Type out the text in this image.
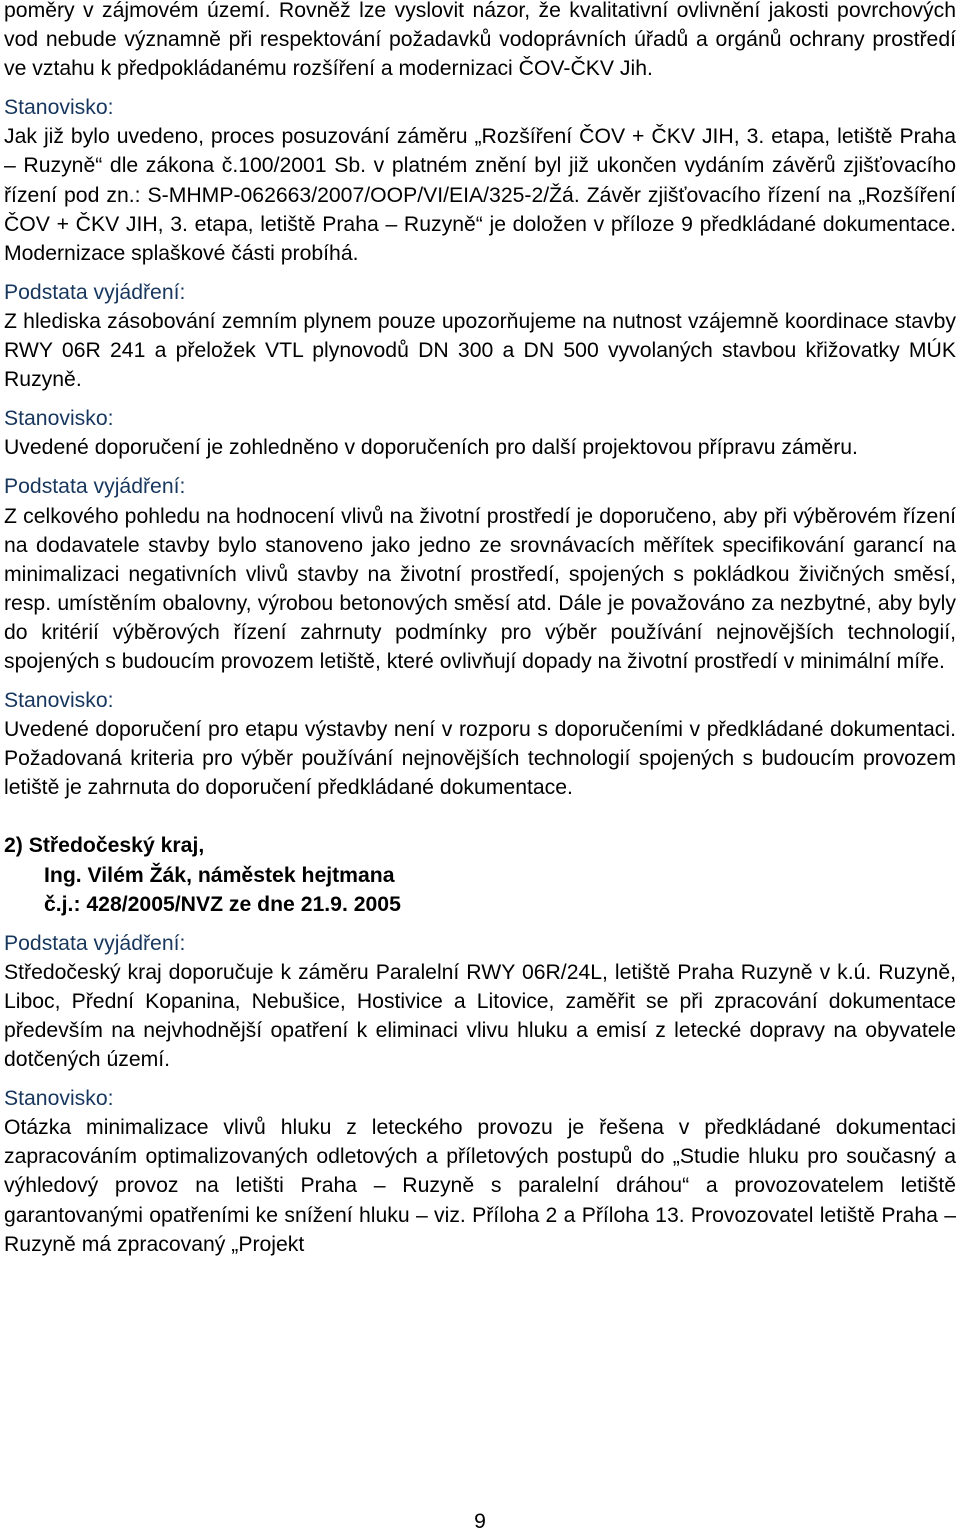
poměry v zájmovém území. Rovněž lze vyslovit názor, že kvalitativní ovlivnění jakosti povrchových vod nebude významně při respektování požadavků vodoprávních úřadů a orgánů ochrany prostředí ve vztahu k předpokládanému rozšíření a modernizaci ČOV-ČKV Jih.

Stanovisko:

Jak již bylo uvedeno, proces posuzování záměru „Rozšíření ČOV + ČKV JIH, 3. etapa, letiště Praha – Ruzyně“ dle zákona č.100/2001 Sb. v platném znění byl již ukončen vydáním závěrů zjišťovacího řízení pod zn.: S-MHMP-062663/2007/OOP/VI/EIA/325-2/Žá. Závěr zjišťovacího řízení na „Rozšíření ČOV + ČKV JIH, 3. etapa, letiště Praha – Ruzyně“ je doložen v příloze 9 předkládané dokumentace. Modernizace splaškové části probíhá.

Podstata vyjádření:

Z hlediska zásobování zemním plynem pouze upozorňujeme na nutnost vzájemně koordinace stavby RWY 06R 241 a přeložek VTL plynovodů DN 300 a DN 500 vyvolaných stavbou křižovatky MÚK Ruzyně.

Stanovisko:

Uvedené doporučení je zohledněno v doporučeních pro další projektovou přípravu záměru.

Podstata vyjádření:

Z celkového pohledu na hodnocení vlivů na životní prostředí je doporučeno, aby při výběrovém řízení na dodavatele stavby bylo stanoveno jako jedno ze srovnávacích měřítek specifikování garancí na minimalizaci negativních vlivů stavby na životní prostředí, spojených s pokládkou živičných směsí, resp. umístěním obalovny, výrobou betonových směsí atd. Dále je považováno za nezbytné, aby byly do kritérií výběrových řízení zahrnuty podmínky pro výběr používání nejnovějších technologií, spojených s budoucím provozem letiště, které ovlivňují dopady na životní prostředí v minimální míře.

Stanovisko:

Uvedené doporučení pro etapu výstavby není v rozporu s doporučeními v předkládané dokumentaci. Požadovaná kriteria pro výběr používání nejnovějších technologií spojených s budoucím provozem letiště je zahrnuta do doporučení předkládané dokumentace.

2) Středočeský kraj,

Ing. Vilém Žák, náměstek hejtmana

č.j.: 428/2005/NVZ ze dne 21.9. 2005

Podstata vyjádření:

Středočeský kraj doporučuje k záměru Paralelní RWY 06R/24L, letiště Praha Ruzyně v k.ú. Ruzyně, Liboc, Přední Kopanina, Nebušice, Hostivice a Litovice, zaměřit se při zpracování dokumentace především na nejvhodnější opatření k eliminaci vlivu hluku a emisí z letecké dopravy na obyvatele dotčených území.

Stanovisko:

Otázka minimalizace vlivů hluku z leteckého provozu je řešena v předkládané dokumentaci zapracováním optimalizovaných odletových a příletových postupů do „Studie hluku pro současný a výhledový provoz na letišti Praha – Ruzyně s paralelní dráhou“ a provozovatelem letiště garantovanými opatřeními ke snížení hluku – viz. Příloha 2 a Příloha 13. Provozovatel letiště Praha – Ruzyně má zpracovaný „Projekt

9
